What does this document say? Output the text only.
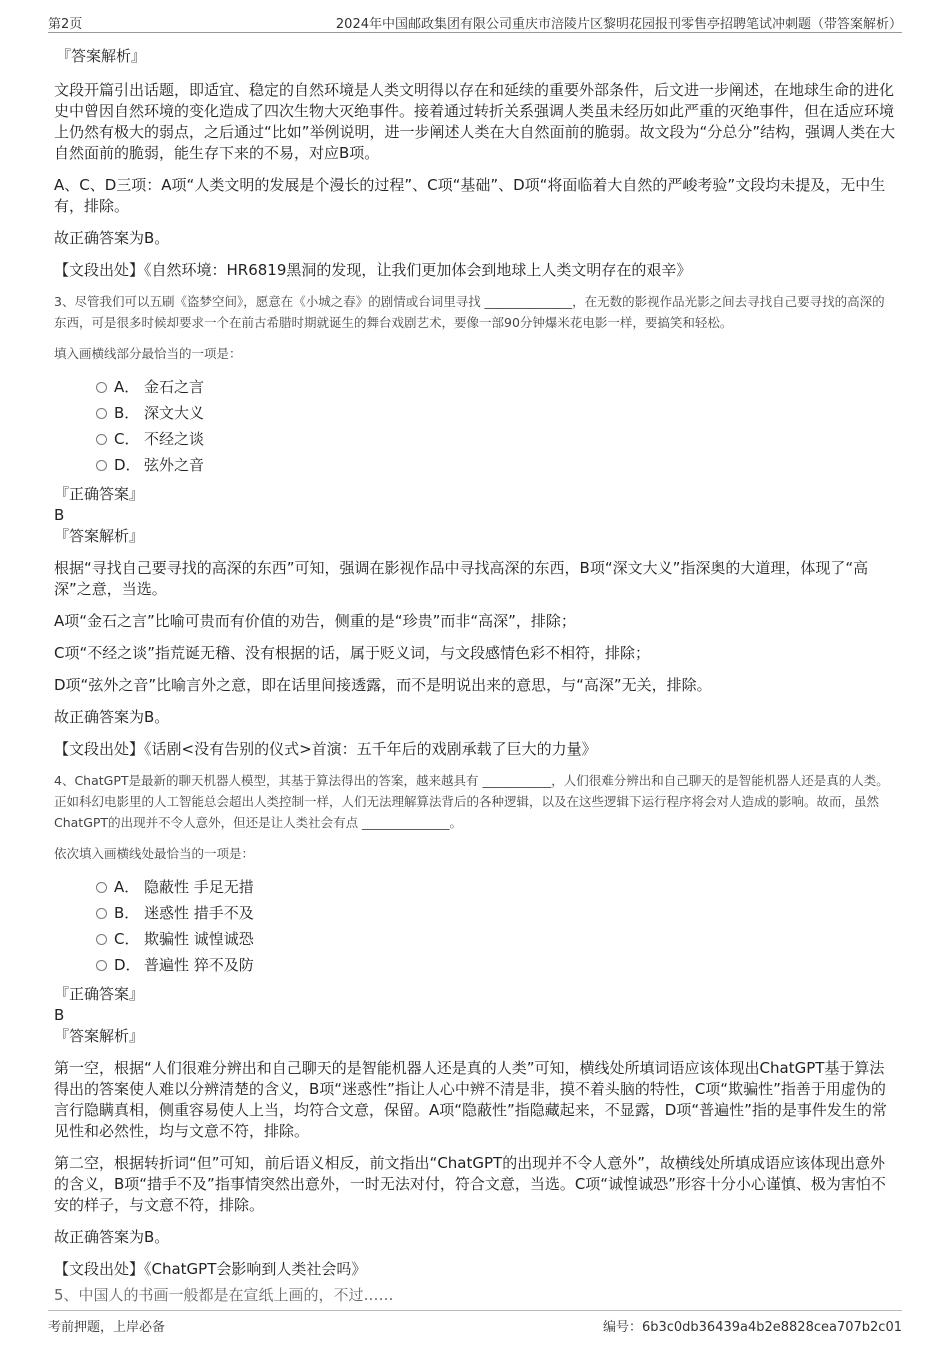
第2页	2024年中国邮政集团有限公司重庆市涪陵片区黎明花园报刊零售亭招聘笔试冲刺题（带答案解析）

『答案解析』

文段开篇引出话题，即适宜、稳定的自然环境是人类文明得以存在和延续的重要外部条件，后文进一步阐述，在地球生命的进化史中曾因自然环境的变化造成了四次生物大灭绝事件。接着通过转折关系强调人类虽未经历如此严重的灭绝事件，但在适应环境上仍然有极大的弱点，之后通过“比如”举例说明，进一步阐述人类在大自然面前的脆弱。故文段为“分总分”结构，强调人类在大自然面前的脆弱，能生存下来的不易，对应B项。

A、C、D三项：A项“人类文明的发展是个漫长的过程”、C项“基础”、D项“将面临着大自然的严峻考验”文段均未提及，无中生有，排除。

故正确答案为B。

【文段出处】《自然环境：HR6819黑洞的发现，让我们更加体会到地球上人类文明存在的艰辛》

3、尽管我们可以五刷《盗梦空间》，愿意在《小城之春》的剧情或台词里寻找 ______________，在无数的影视作品光影之间去寻找自己要寻找的高深的东西，可是很多时候却要求一个在前古希腊时期就诞生的舞台戏剧艺术，要像一部90分钟爆米花电影一样，要搞笑和轻松。

填入画横线部分最恰当的一项是：

A． 金石之言
B． 深文大义
C． 不经之谈
D． 弦外之音

『正确答案』

B

『答案解析』

根据“寻找自己要寻找的高深的东西”可知，强调在影视作品中寻找高深的东西，B项“深文大义”指深奥的大道理，体现了“高深”之意，当选。

A项“金石之言”比喻可贵而有价值的劝告，侧重的是“珍贵”而非“高深”，排除；

C项“不经之谈”指荒诞无稽、没有根据的话，属于贬义词，与文段感情色彩不相符，排除；

D项“弦外之音”比喻言外之意，即在话里间接透露，而不是明说出来的意思，与“高深”无关，排除。

故正确答案为B。

【文段出处】《话剧<没有告别的仪式>首演：五千年后的戏剧承载了巨大的力量》

4、ChatGPT是最新的聊天机器人模型，其基于算法得出的答案，越来越具有 ___________，人们很难分辨出和自己聊天的是智能机器人还是真的人类。正如科幻电影里的人工智能总会超出人类控制一样，人们无法理解算法背后的各种逻辑，以及在这些逻辑下运行程序将会对人造成的影响。故而，虽然ChatGPT的出现并不令人意外，但还是让人类社会有点 ______________。

依次填入画横线处最恰当的一项是：

A． 隐蔽性 手足无措
B． 迷惑性 措手不及
C． 欺骗性 诚惶诚恐
D． 普遍性 猝不及防

『正确答案』

B

『答案解析』

第一空，根据“人们很难分辨出和自己聊天的是智能机器人还是真的人类”可知，横线处所填词语应该体现出ChatGPT基于算法得出的答案使人难以分辨清楚的含义，B项“迷惑性”指让人心中辨不清是非，摸不着头脑的特性，C项“欺骗性”指善于用虚伪的言行隐瞒真相，侧重容易使人上当，均符合文意，保留。A项“隐蔽性”指隐藏起来，不显露，D项“普遍性”指的是事件发生的常见性和必然性，均与文意不符，排除。

第二空，根据转折词“但”可知，前后语义相反，前文指出“ChatGPT的出现并不令人意外”，故横线处所填成语应该体现出意外的含义，B项“措手不及”指事情突然出意外，一时无法对付，符合文意，当选。C项“诚惶诚恐”形容十分小心谨慎、极为害怕不安的样子，与文意不符，排除。

故正确答案为B。

【文段出处】《ChatGPT会影响到人类社会吗》

5、中国人的书画一般都是在宣纸上画的，不过……
考前押题，上岸必备	编号：6b3c0db36439a4b2e8828cea707b2c01
